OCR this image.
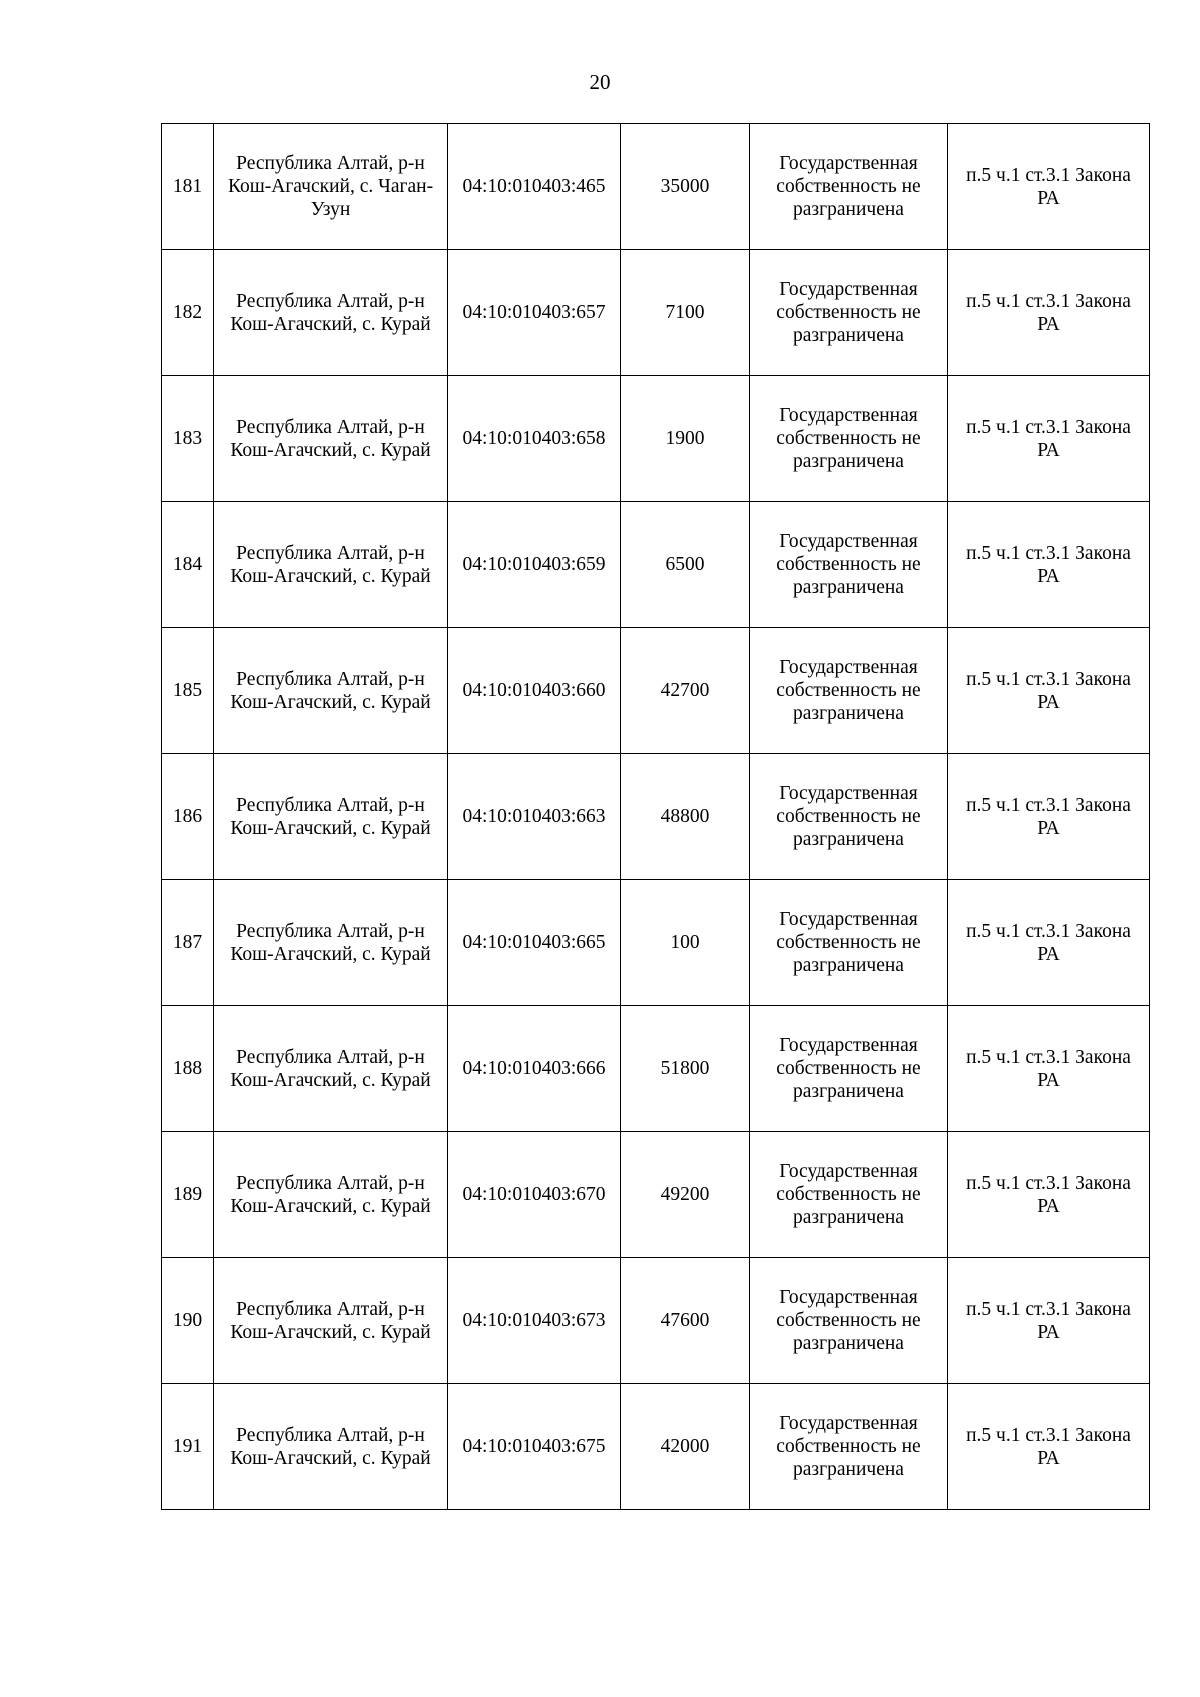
20
181	Республика Алтай, р-н Кош-Агачский, с. Чаган-Узун	04:10:010403:465	35000	Государственная собственность не разграничена	п.5 ч.1 ст.3.1 Закона РА
182	Республика Алтай, р-н Кош-Агачский, с. Курай	04:10:010403:657	7100	Государственная собственность не разграничена	п.5 ч.1 ст.3.1 Закона РА
183	Республика Алтай, р-н Кош-Агачский, с. Курай	04:10:010403:658	1900	Государственная собственность не разграничена	п.5 ч.1 ст.3.1 Закона РА
184	Республика Алтай, р-н Кош-Агачский, с. Курай	04:10:010403:659	6500	Государственная собственность не разграничена	п.5 ч.1 ст.3.1 Закона РА
185	Республика Алтай, р-н Кош-Агачский, с. Курай	04:10:010403:660	42700	Государственная собственность не разграничена	п.5 ч.1 ст.3.1 Закона РА
186	Республика Алтай, р-н Кош-Агачский, с. Курай	04:10:010403:663	48800	Государственная собственность не разграничена	п.5 ч.1 ст.3.1 Закона РА
187	Республика Алтай, р-н Кош-Агачский, с. Курай	04:10:010403:665	100	Государственная собственность не разграничена	п.5 ч.1 ст.3.1 Закона РА
188	Республика Алтай, р-н Кош-Агачский, с. Курай	04:10:010403:666	51800	Государственная собственность не разграничена	п.5 ч.1 ст.3.1 Закона РА
189	Республика Алтай, р-н Кош-Агачский, с. Курай	04:10:010403:670	49200	Государственная собственность не разграничена	п.5 ч.1 ст.3.1 Закона РА
190	Республика Алтай, р-н Кош-Агачский, с. Курай	04:10:010403:673	47600	Государственная собственность не разграничена	п.5 ч.1 ст.3.1 Закона РА
191	Республика Алтай, р-н Кош-Агачский, с. Курай	04:10:010403:675	42000	Государственная собственность не разграничена	п.5 ч.1 ст.3.1 Закона РА
